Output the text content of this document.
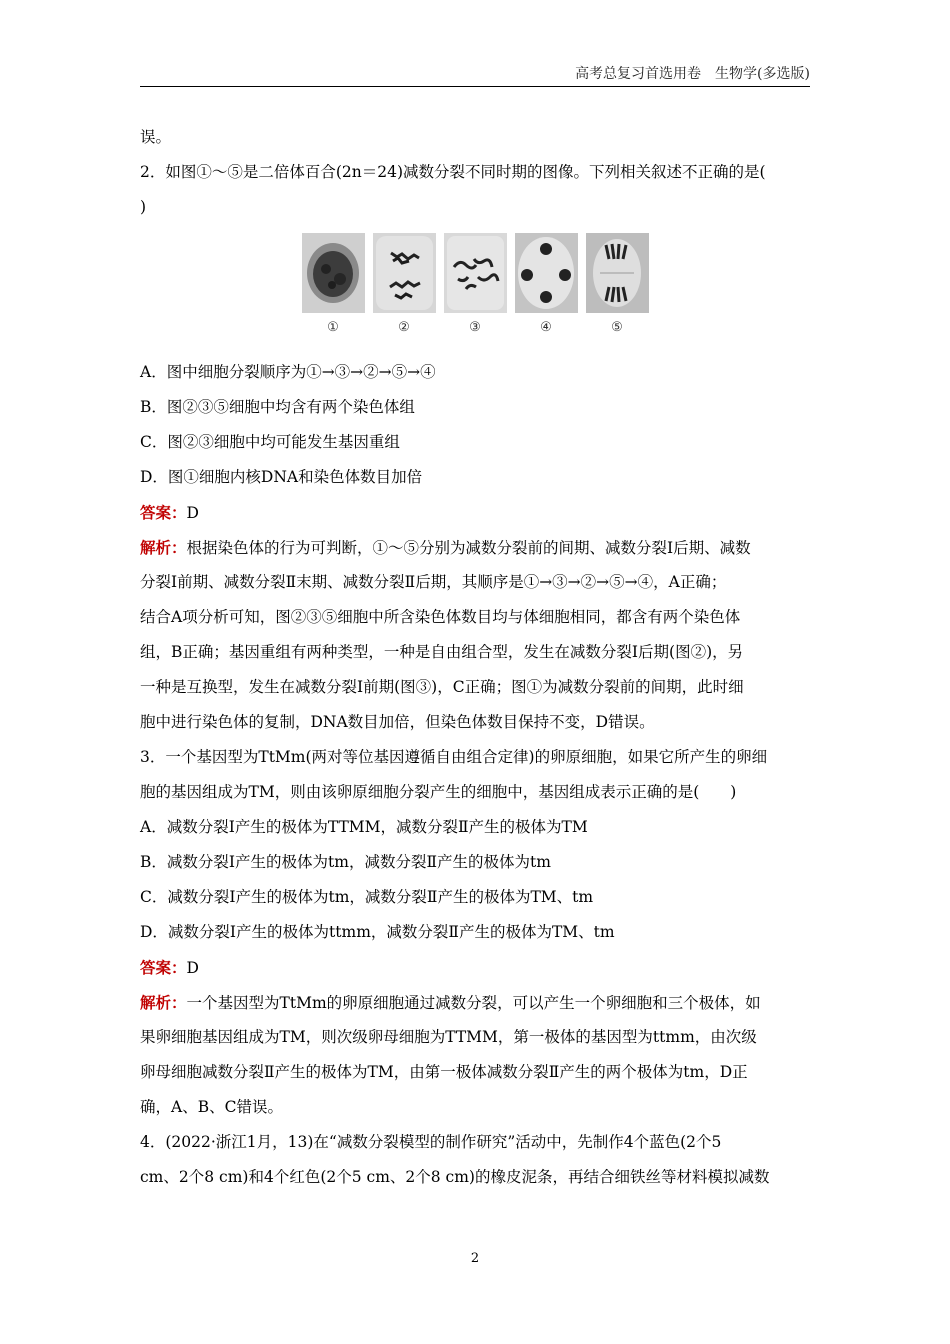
高考总复习首选用卷　生物学(多选版)
误。
2．如图①～⑤是二倍体百合(2n＝24)减数分裂不同时期的图像。下列相关叙述不正确的是(
)
①	②	③	④	⑤
A．图中细胞分裂顺序为①→③→②→⑤→④
B．图②③⑤细胞中均含有两个染色体组
C．图②③细胞中均可能发生基因重组
D．图①细胞内核DNA和染色体数目加倍
答案：D
解析：根据染色体的行为可判断，①～⑤分别为减数分裂前的间期、减数分裂Ⅰ后期、减数
分裂Ⅰ前期、减数分裂Ⅱ末期、减数分裂Ⅱ后期，其顺序是①→③→②→⑤→④，A正确；
结合A项分析可知，图②③⑤细胞中所含染色体数目均与体细胞相同，都含有两个染色体
组，B正确；基因重组有两种类型，一种是自由组合型，发生在减数分裂Ⅰ后期(图②)，另
一种是互换型，发生在减数分裂Ⅰ前期(图③)，C正确；图①为减数分裂前的间期，此时细
胞中进行染色体的复制，DNA数目加倍，但染色体数目保持不变，D错误。
3．一个基因型为TtMm(两对等位基因遵循自由组合定律)的卵原细胞，如果它所产生的卵细
胞的基因组成为TM，则由该卵原细胞分裂产生的细胞中，基因组成表示正确的是(　　)
A．减数分裂Ⅰ产生的极体为TTMM，减数分裂Ⅱ产生的极体为TM
B．减数分裂Ⅰ产生的极体为tm，减数分裂Ⅱ产生的极体为tm
C．减数分裂Ⅰ产生的极体为tm，减数分裂Ⅱ产生的极体为TM、tm
D．减数分裂Ⅰ产生的极体为ttmm，减数分裂Ⅱ产生的极体为TM、tm
答案：D
解析：一个基因型为TtMm的卵原细胞通过减数分裂，可以产生一个卵细胞和三个极体，如
果卵细胞基因组成为TM，则次级卵母细胞为TTMM，第一极体的基因型为ttmm，由次级
卵母细胞减数分裂Ⅱ产生的极体为TM，由第一极体减数分裂Ⅱ产生的两个极体为tm，D正
确，A、B、C错误。
4．(2022·浙江1月，13)在“减数分裂模型的制作研究”活动中，先制作4个蓝色(2个5
cm、2个8 cm)和4个红色(2个5 cm、2个8 cm)的橡皮泥条，再结合细铁丝等材料模拟减数
2
